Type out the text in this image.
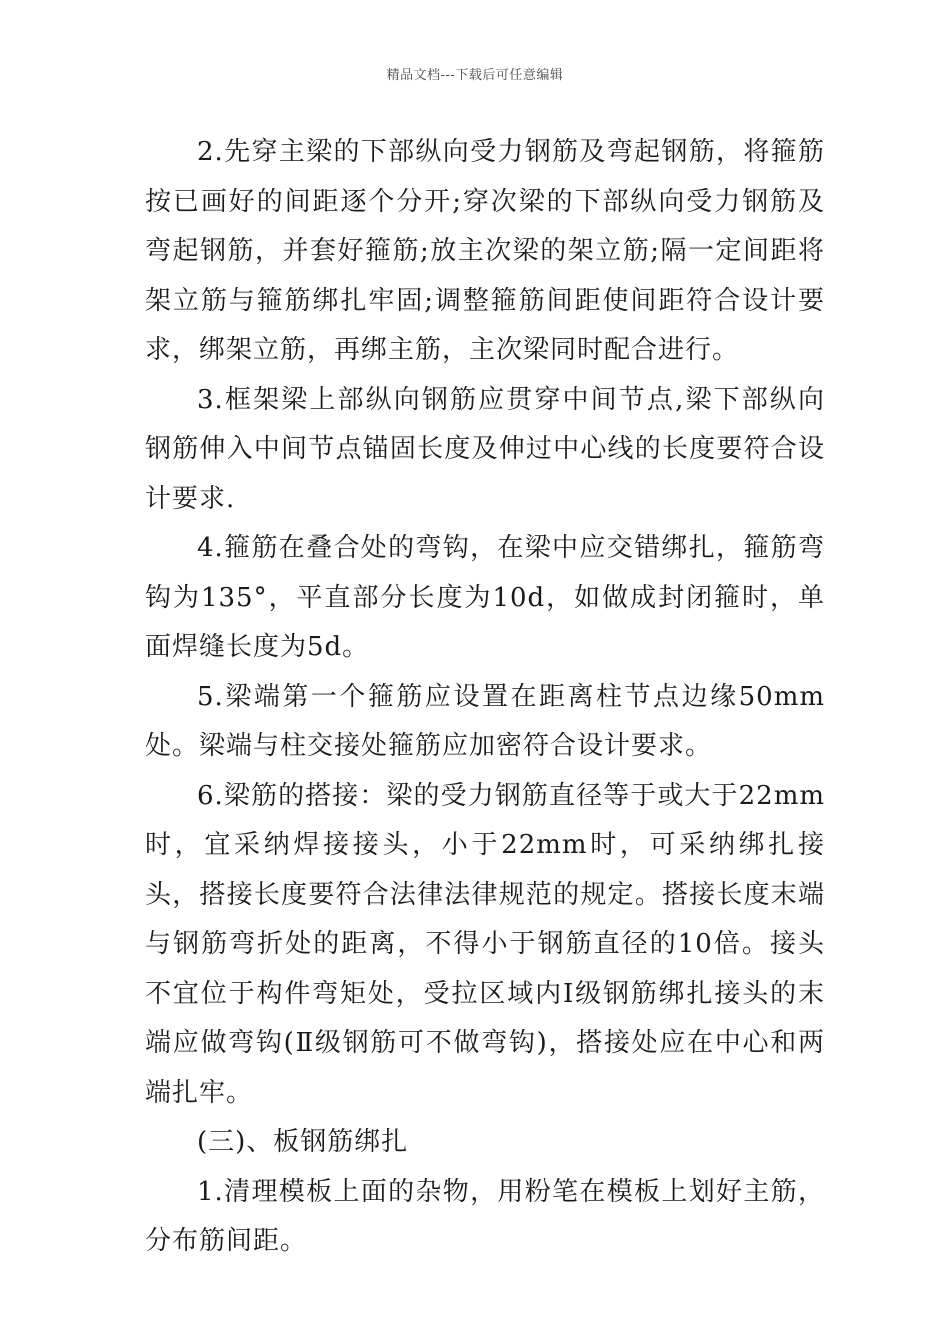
精品文档---下载后可任意编辑

2.先穿主梁的下部纵向受力钢筋及弯起钢筋，将箍筋按已画好的间距逐个分开;穿次梁的下部纵向受力钢筋及弯起钢筋，并套好箍筋;放主次梁的架立筋;隔一定间距将架立筋与箍筋绑扎牢固;调整箍筋间距使间距符合设计要求，绑架立筋，再绑主筋，主次梁同时配合进行。

3.框架梁上部纵向钢筋应贯穿中间节点,梁下部纵向钢筋伸入中间节点锚固长度及伸过中心线的长度要符合设计要求.

4.箍筋在叠合处的弯钩，在梁中应交错绑扎，箍筋弯钩为135°，平直部分长度为10d，如做成封闭箍时，单面焊缝长度为5d。

5.梁端第一个箍筋应设置在距离柱节点边缘50mm处。梁端与柱交接处箍筋应加密符合设计要求。

6.梁筋的搭接：梁的受力钢筋直径等于或大于22mm时，宜采纳焊接接头，小于22mm时，可采纳绑扎接头，搭接长度要符合法律法律规范的规定。搭接长度末端与钢筋弯折处的距离，不得小于钢筋直径的10倍。接头不宜位于构件弯矩处，受拉区域内Ⅰ级钢筋绑扎接头的末端应做弯钩(Ⅱ级钢筋可不做弯钩)，搭接处应在中心和两端扎牢。

(三)、板钢筋绑扎

1.清理模板上面的杂物，用粉笔在模板上划好主筋，分布筋间距。
